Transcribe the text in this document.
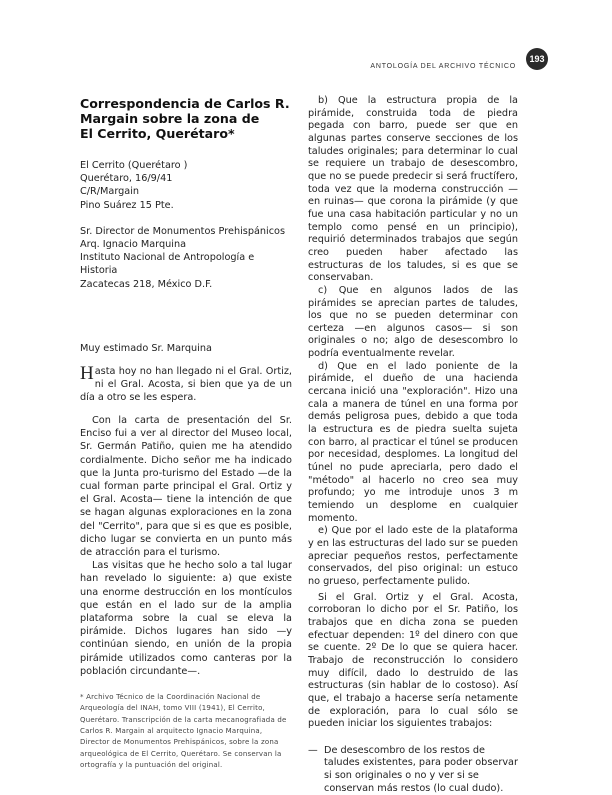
ANTOLOGÍA DEL ARCHIVO TÉCNICO
193
Correspondencia de Carlos R.
Margain sobre la zona de
El Cerrito, Querétaro*
El Cerrito (Querétaro )
Querétaro, 16/9/41
C/R/Margain
Pino Suárez 15 Pte.
Sr. Director de Monumentos Prehispánicos
Arq. Ignacio Marquina
Instituto Nacional de Antropología e Historia
Zacatecas 218, México D.F.
Muy estimado Sr. Marquina

Hasta hoy no han llegado ni el Gral. Ortiz, ni el Gral. Acosta, si bien que ya de un día a otro se les espera.

Con la carta de presentación del Sr. Enciso fui a ver al director del Museo local, Sr. Germán Patiño, quien me ha atendido cordialmente. Dicho señor me ha indicado que la Junta pro-turismo del Estado —de la cual forman parte principal el Gral. Ortiz y el Gral. Acosta— tiene la intención de que se hagan algunas exploraciones en la zona del "Cerrito", para que si es que es posible, dicho lugar se convierta en un punto más de atracción para el turismo.

Las visitas que he hecho solo a tal lugar han revelado lo siguiente: a) que existe una enorme destrucción en los montículos que están en el lado sur de la amplia plataforma sobre la cual se eleva la pirámide. Dichos lugares han sido —y continúan siendo, en unión de la propia pirámide utilizados como canteras por la población circundante—.

* Archivo Técnico de la Coordinación Nacional de Arqueología del INAH, tomo VIII (1941), El Cerrito, Querétaro. Transcripción de la carta mecanografiada de Carlos R. Margain al arquitecto Ignacio Marquina, Director de Monumentos Prehispánicos, sobre la zona arqueológica de El Cerrito, Querétaro. Se conservan la ortografía y la puntuación del original.

b) Que la estructura propia de la pirámide, construida toda de piedra pegada con barro, puede ser que en algunas partes conserve secciones de los taludes originales; para determinar lo cual se requiere un trabajo de desescombro, que no se puede predecir si será fructífero, toda vez que la moderna construcción —en ruinas— que corona la pirámide (y que fue una casa habitación particular y no un templo como pensé en un principio), requirió determinados trabajos que según creo pueden haber afectado las estructuras de los taludes, si es que se conservaban.

c) Que en algunos lados de las pirámides se aprecian partes de taludes, los que no se pueden determinar con certeza —en algunos casos— si son originales o no; algo de desescombro lo podría eventualmente revelar.

d) Que en el lado poniente de la pirámide, el dueño de una hacienda cercana inició una "exploración". Hizo una cala a manera de túnel en una forma por demás peligrosa pues, debido a que toda la estructura es de piedra suelta sujeta con barro, al practicar el túnel se producen por necesidad, desplomes. La longitud del túnel no pude apreciarla, pero dado el "método" al hacerlo no creo sea muy profundo; yo me introduje unos 3 m temiendo un desplome en cualquier momento.

e) Que por el lado este de la plataforma y en las estructuras del lado sur se pueden apreciar pequeños restos, perfectamente conservados, del piso original: un estuco no grueso, perfectamente pulido.

Si el Gral. Ortiz y el Gral. Acosta, corroboran lo dicho por el Sr. Patiño, los trabajos que en dicha zona se pueden efectuar dependen: 1º del dinero con que se cuente. 2º De lo que se quiera hacer. Trabajo de reconstrucción lo considero muy difícil, dado lo destruido de las estructuras (sin hablar de lo costoso). Así que, el trabajo a hacerse sería netamente de exploración, para lo cual sólo se pueden iniciar los siguientes trabajos:

— De desescombro de los restos de taludes existentes, para poder observar si son originales o no y ver si se conservan más restos (lo cual dudo).
